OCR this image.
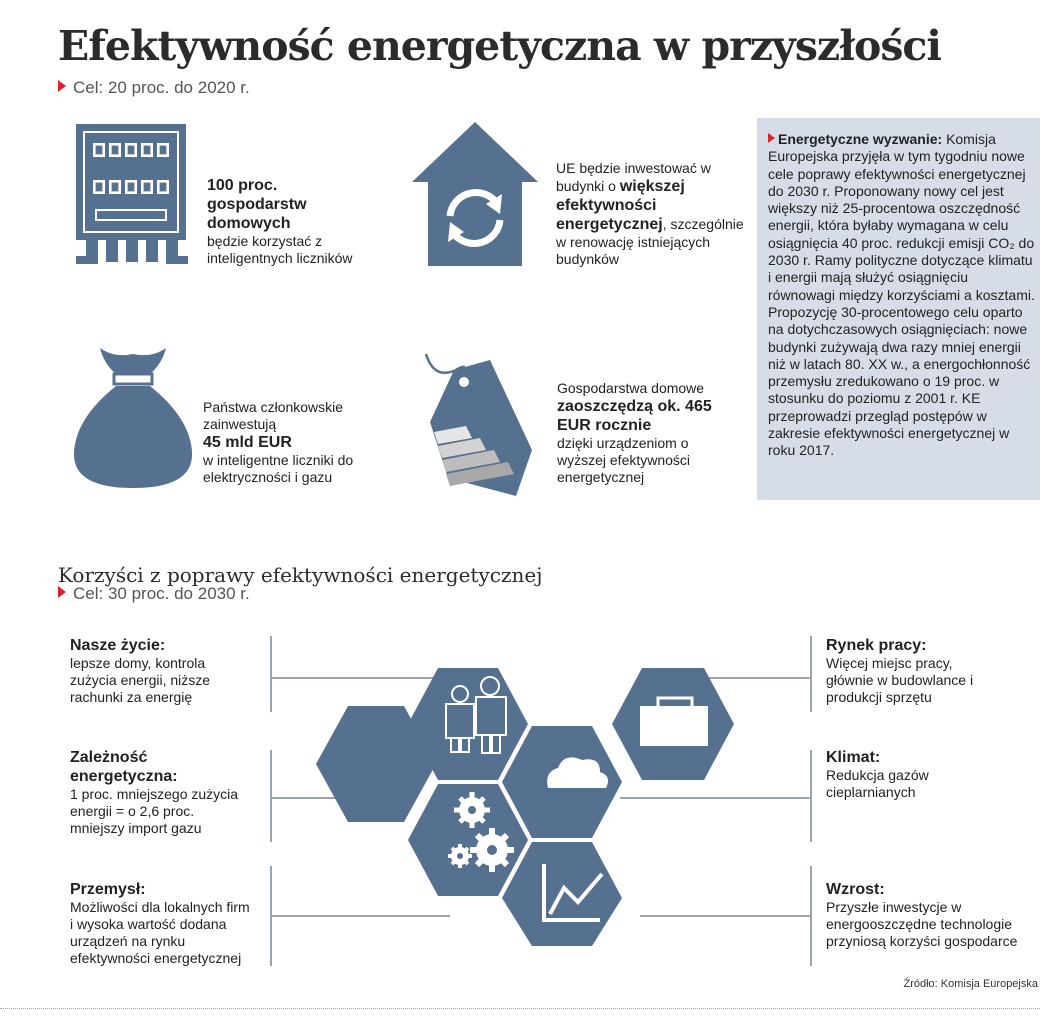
Efektywność energetyczna w przyszłości
Cel: 20 proc. do 2020 r.
100 proc. gospodarstw domowych
będzie korzystać z inteligentnych liczników
UE będzie inwestować w budynki o większej efektywności energetycznej, szczególnie w renowację istniejących budynków
Państwa członkowskie zainwestują
45 mld EUR
w inteligentne liczniki do elektryczności i gazu
Gospodarstwa domowe
zaoszczędzą ok. 465 EUR rocznie
dzięki urządzeniom o wyższej efektywności energetycznej
Energetyczne wyzwanie: Komisja Europejska przyjęła w tym tygodniu nowe cele poprawy efektywności energetycznej do 2030 r. Proponowany nowy cel jest większy niż 25-procentowa oszczędność energii, która byłaby wymagana w celu osiągnięcia 40 proc. redukcji emisji CO₂ do 2030 r. Ramy polityczne dotyczące klimatu i energii mają służyć osiągnięciu równowagi między korzyściami a kosztami. Propozycję 30-procentowego celu oparto na dotychczasowych osiągnięciach: nowe budynki zużywają dwa razy mniej energii niż w latach 80. XX w., a energochłonność przemysłu zredukowano o 19 proc. w stosunku do poziomu z 2001 r. KE przeprowadzi przegląd postępów w zakresie efektywności energetycznej w roku 2017.
Korzyści z poprawy efektywności energetycznej
Cel: 30 proc. do 2030 r.
Nasze życie:
lepsze domy, kontrola zużycia energii, niższe rachunki za energię
Zależność energetyczna:
1 proc. mniejszego zużycia energii = o 2,6 proc. mniejszy import gazu
Przemysł:
Możliwości dla lokalnych firm i wysoka wartość dodana urządzeń na rynku efektywności energetycznej
Rynek pracy:
Więcej miejsc pracy, głównie w budowlance i produkcji sprzętu
Klimat:
Redukcja gazów cieplarnianych
Wzrost:
Przyszłe inwestycje w energooszczędne technologie przyniosą korzyści gospodarce
Źródło: Komisja Europejska
